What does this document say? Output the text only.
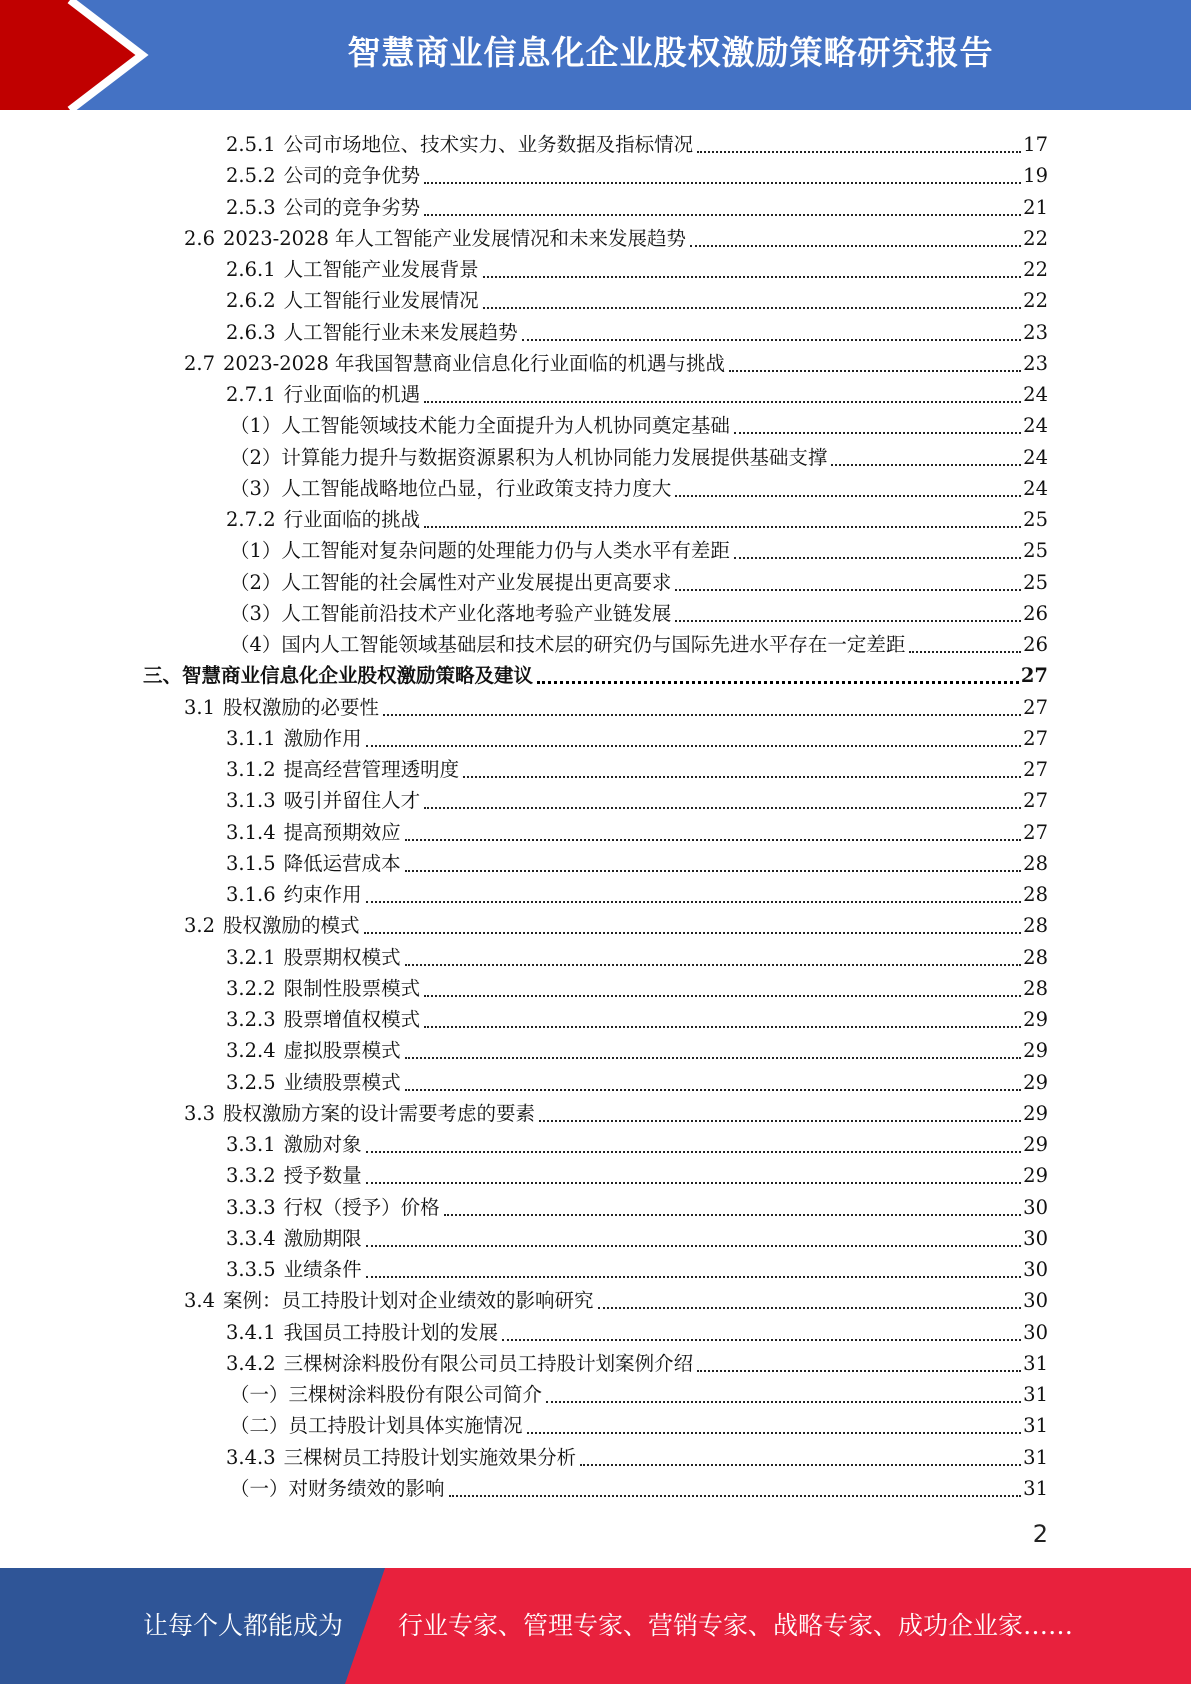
智慧商业信息化企业股权激励策略研究报告
2.5.1 公司市场地位、技术实力、业务数据及指标情况	17
2.5.2 公司的竞争优势	19
2.5.3 公司的竞争劣势	21
2.6 2023-2028 年人工智能产业发展情况和未来发展趋势	22
2.6.1 人工智能产业发展背景	22
2.6.2 人工智能行业发展情况	22
2.6.3 人工智能行业未来发展趋势	23
2.7 2023-2028 年我国智慧商业信息化行业面临的机遇与挑战	23
2.7.1 行业面临的机遇	24
（1）人工智能领域技术能力全面提升为人机协同奠定基础	24
（2）计算能力提升与数据资源累积为人机协同能力发展提供基础支撑	24
（3）人工智能战略地位凸显，行业政策支持力度大	24
2.7.2 行业面临的挑战	25
（1）人工智能对复杂问题的处理能力仍与人类水平有差距	25
（2）人工智能的社会属性对产业发展提出更高要求	25
（3）人工智能前沿技术产业化落地考验产业链发展	26
（4）国内人工智能领域基础层和技术层的研究仍与国际先进水平存在一定差距	26
三、智慧商业信息化企业股权激励策略及建议	27
3.1 股权激励的必要性	27
3.1.1 激励作用	27
3.1.2 提高经营管理透明度	27
3.1.3 吸引并留住人才	27
3.1.4 提高预期效应	27
3.1.5 降低运营成本	28
3.1.6 约束作用	28
3.2 股权激励的模式	28
3.2.1 股票期权模式	28
3.2.2 限制性股票模式	28
3.2.3 股票增值权模式	29
3.2.4 虚拟股票模式	29
3.2.5 业绩股票模式	29
3.3 股权激励方案的设计需要考虑的要素	29
3.3.1 激励对象	29
3.3.2 授予数量	29
3.3.3 行权（授予）价格	30
3.3.4 激励期限	30
3.3.5 业绩条件	30
3.4 案例：员工持股计划对企业绩效的影响研究	30
3.4.1 我国员工持股计划的发展	30
3.4.2 三棵树涂料股份有限公司员工持股计划案例介绍	31
（一）三棵树涂料股份有限公司简介	31
（二）员工持股计划具体实施情况	31
3.4.3 三棵树员工持股计划实施效果分析	31
（一）对财务绩效的影响	31
2
让每个人都能成为 行业专家、管理专家、营销专家、战略专家、成功企业家……
